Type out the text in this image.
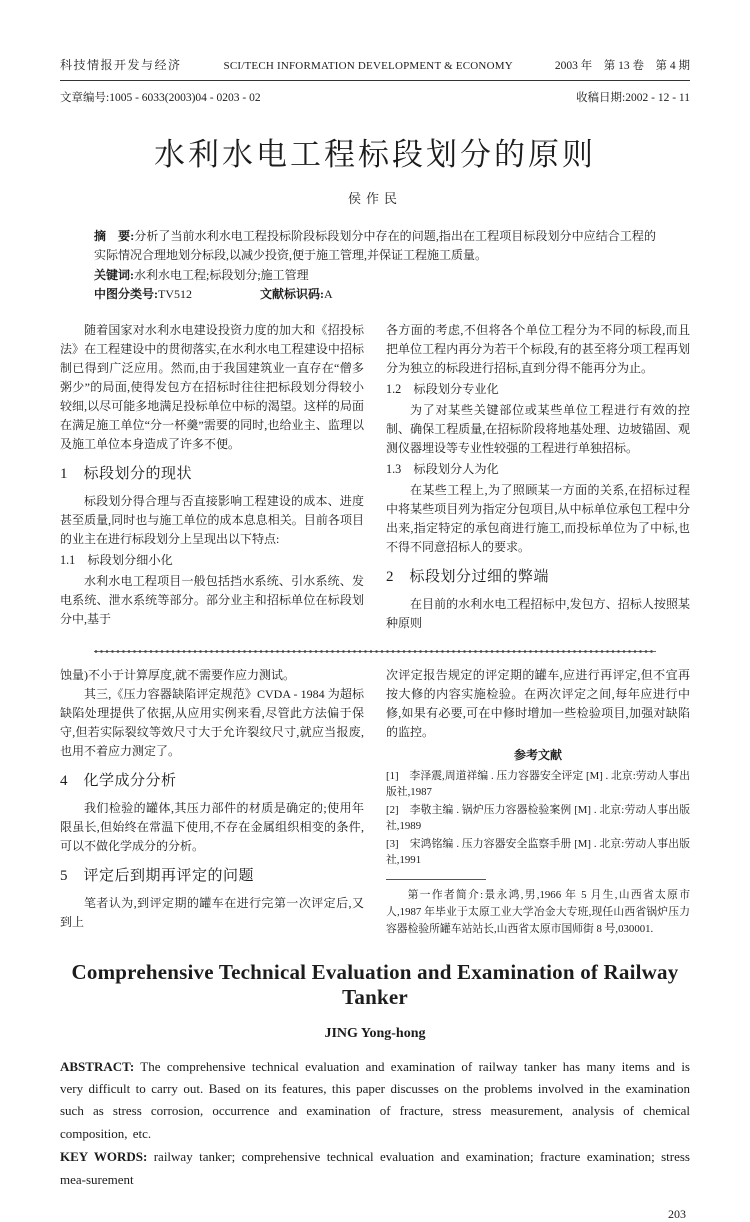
科技情报开发与经济	SCI/TECH INFORMATION DEVELOPMENT & ECONOMY	2003 年　第 13 卷　第 4 期
文章编号:1005 - 6033(2003)04 - 0203 - 02	收稿日期:2002 - 12 - 11
水利水电工程标段划分的原则
侯作民

摘　要:分析了当前水利水电工程投标阶段标段划分中存在的问题,指出在工程项目标段划分中应结合工程的实际情况合理地划分标段,以减少投资,便于施工管理,并保证工程施工质量。

关键词:水利水电工程;标段划分;施工管理

中图分类号:TV512	文献标识码:A

随着国家对水利水电建设投资力度的加大和《招投标法》在工程建设中的贯彻落实,在水利水电工程建设中招标制已得到广泛应用。然而,由于我国建筑业一直存在“僧多粥少”的局面,使得发包方在招标时往往把标段划分得较小较细,以尽可能多地满足投标单位中标的渴望。这样的局面在满足施工单位“分一杯羹”需要的同时,也给业主、监理以及施工单位本身造成了许多不便。

1　标段划分的现状

标段划分得合理与否直接影响工程建设的成本、进度甚至质量,同时也与施工单位的成本息息相关。目前各项目的业主在进行标段划分上呈现出以下特点:

1.1　标段划分细小化

水利水电工程项目一般包括挡水系统、引水系统、发电系统、泄水系统等部分。部分业主和招标单位在标段划分中,基于

各方面的考虑,不但将各个单位工程分为不同的标段,而且把单位工程内再分为若干个标段,有的甚至将分项工程再划分为独立的标段进行招标,直到分得不能再分为止。

1.2　标段划分专业化

为了对某些关键部位或某些单位工程进行有效的控制、确保工程质量,在招标阶段将地基处理、边坡锚固、观测仪器埋设等专业性较强的工程进行单独招标。

1.3　标段划分人为化

在某些工程上,为了照顾某一方面的关系,在招标过程中将某些项目列为指定分包项目,从中标单位承包工程中分出来,指定特定的承包商进行施工,而投标单位为了中标,也不得不同意招标人的要求。

2　标段划分过细的弊端

在目前的水利水电工程招标中,发包方、招标人按照某种原则

蚀量)不小于计算厚度,就不需要作应力测试。

其三,《压力容器缺陷评定规范》CVDA - 1984 为超标缺陷处理提供了依据,从应用实例来看,尽管此方法偏于保守,但若实际裂纹等效尺寸大于允许裂纹尺寸,就应当报废,也用不着应力测定了。

4　化学成分分析

我们检验的罐体,其压力部件的材质是确定的;使用年限虽长,但始终在常温下使用,不存在金属组织相变的条件,可以不做化学成分的分析。

5　评定后到期再评定的问题

笔者认为,到评定期的罐车在进行完第一次评定后,又到上

次评定报告规定的评定期的罐车,应进行再评定,但不宜再按大修的内容实施检验。在两次评定之间,每年应进行中修,如果有必要,可在中修时增加一些检验项目,加强对缺陷的监控。

参考文献

[1]　李泽震,周道祥编 . 压力容器安全评定 [M] . 北京:劳动人事出版社,1987

[2]　李敬主编 . 锅炉压力容器检验案例 [M] . 北京:劳动人事出版社,1989

[3]　宋鸿铭编 . 压力容器安全监察手册 [M] . 北京:劳动人事出版社,1991

第一作者简介:景永鸿,男,1966 年 5 月生,山西省太原市人,1987 年毕业于太原工业大学冶金大专班,现任山西省锅炉压力容器检验所罐车站站长,山西省太原市国师街 8 号,030001.

Comprehensive Technical Evaluation and Examination of Railway Tanker
JING Yong-hong

ABSTRACT: The comprehensive technical evaluation and examination of railway tanker has many items and is very difficult to carry out. Based on its features, this paper discusses on the problems involved in the examination such as stress corrosion, occurrence and examination of fracture, stress measurement, analysis of chemical composition, etc.

KEY WORDS: railway tanker; comprehensive technical evaluation and examination; fracture examination; stress mea-surement

203
